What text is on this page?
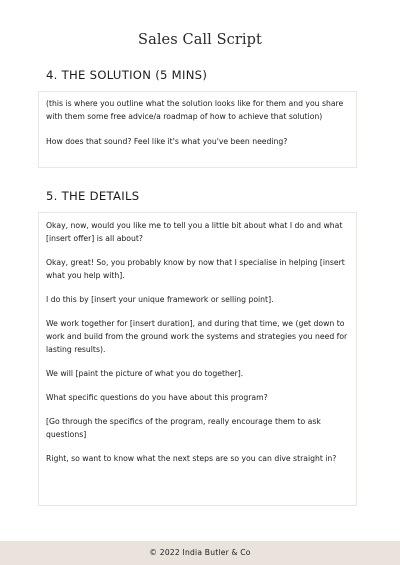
Sales Call Script
4. THE SOLUTION (5 MINS)

(this is where you outline what the solution looks like for them and you share with them some free advice/a roadmap of how to achieve that solution)

How does that sound? Feel like it's what you've been needing?

5. THE DETAILS

Okay, now, would you like me to tell you a little bit about what I do and what [insert offer] is all about?

Okay, great! So, you probably know by now that I specialise in helping [insert what you help with].

I do this by [insert your unique framework or selling point].

We work together for [insert duration], and during that time, we (get down to work and build from the ground work the systems and strategies you need for lasting results).

We will [paint the picture of what you do together].

What specific questions do you have about this program?

[Go through the specifics of the program, really encourage them to ask questions]

Right, so want to know what the next steps are so you can dive straight in?

© 2022 India Butler & Co
